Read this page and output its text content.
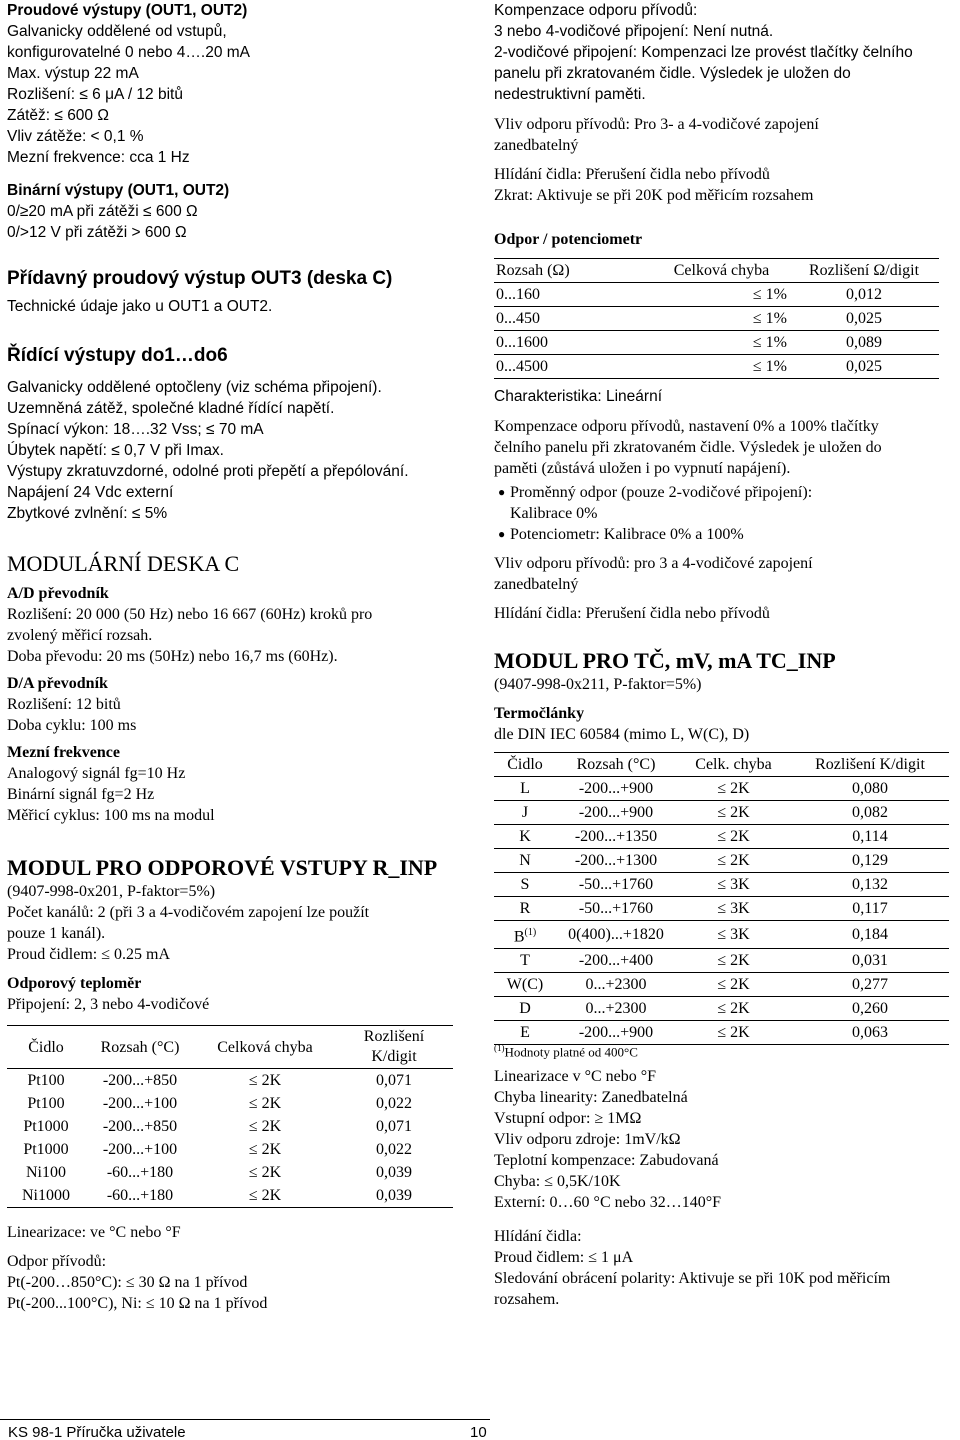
Proudové výstupy (OUT1, OUT2)
Galvanicky oddělené od vstupů,
konfigurovatelné 0 nebo 4….20 mA
Max. výstup 22 mA
Rozlišení: ≤ 6 μA / 12 bitů
Zátěž: ≤ 600 Ω
Vliv zátěže: < 0,1 %
Mezní frekvence: cca 1 Hz
Binární výstupy (OUT1, OUT2)
0/≥20 mA při zátěži ≤ 600 Ω
0/>12 V při zátěži > 600 Ω
Přídavný proudový výstup OUT3 (deska C)
Technické údaje jako u OUT1 a OUT2.
Řídící výstupy do1…do6
Galvanicky oddělené optočleny (viz schéma připojení).
Uzemněná zátěž, společné kladné řídící napětí.
Spínací výkon: 18….32 Vss; ≤ 70 mA
Úbytek napětí: ≤ 0,7 V při Imax.
Výstupy zkratuvzdorné, odolné proti přepětí a přepólování.
Napájení 24 Vdc externí
Zbytkové zvlnění: ≤ 5%
MODULÁRNÍ DESKA C
A/D převodník
Rozlišení: 20 000 (50 Hz) nebo 16 667 (60Hz) kroků pro
zvolený měřicí rozsah.
Doba převodu: 20 ms (50Hz) nebo 16,7 ms (60Hz).
D/A převodník
Rozlišení: 12 bitů
Doba cyklu: 100 ms
Mezní frekvence
Analogový signál fg=10 Hz
Binární signál fg=2 Hz
Měřicí cyklus: 100 ms na modul
MODUL PRO ODPOROVÉ VSTUPY R_INP
(9407-998-0x201, P-faktor=5%)
Počet kanálů: 2 (při 3 a 4-vodičovém zapojení lze použít
pouze 1 kanál).
Proud čidlem: ≤ 0.25 mA
Odporový teploměr
Připojení: 2, 3 nebo 4-vodičové
Čidlo	Rozsah (°C)	Celková chyba	Rozlišení
K/digit

Pt100	-200...+850	≤ 2K	0,071
Pt100	-200...+100	≤ 2K	0,022
Pt1000	-200...+850	≤ 2K	0,071
Pt1000	-200...+100	≤ 2K	0,022
Ni100	-60...+180	≤ 2K	0,039
Ni1000	-60...+180	≤ 2K	0,039
Linearizace: ve °C nebo °F
Odpor přívodů:
Pt(-200…850°C): ≤ 30 Ω na 1 přívod
Pt(-200...100°C), Ni: ≤ 10 Ω na 1 přívod
Kompenzace odporu přívodů:
3 nebo 4-vodičové připojení: Není nutná.
2-vodičové připojení: Kompenzaci lze provést tlačítky čelního
panelu při zkratovaném čidle. Výsledek je uložen do
nedestruktivní paměti.
Vliv odporu přívodů: Pro 3- a 4-vodičové zapojení
zanedbatelný
Hlídání čidla: Přerušení čidla nebo přívodů
Zkrat: Aktivuje se při 20K pod měřicím rozsahem
Odpor / potenciometr
Rozsah (Ω)	Celková chyba	Rozlišení Ω/digit
0...160	≤ 1%	0,012
0...450	≤ 1%	0,025
0...1600	≤ 1%	0,089
0...4500	≤ 1%	0,025
Charakteristika: Lineární
Kompenzace odporu přívodů, nastavení 0% a 100% tlačítky
čelního panelu při zkratovaném čidle. Výsledek je uložen do
paměti (zůstává uložen i po vypnutí napájení).
● Proměnný odpor (pouze 2-vodičové připojení):
Kalibrace 0%
● Potenciometr: Kalibrace 0% a 100%
Vliv odporu přívodů: pro 3 a 4-vodičové zapojení
zanedbatelný
Hlídání čidla: Přerušení čidla nebo přívodů
MODUL PRO TČ, mV, mA TC_INP
(9407-998-0x211, P-faktor=5%)
Termočlánky
dle DIN IEC 60584 (mimo L, W(C), D)
Čidlo	Rozsah (°C)	Celk. chyba	Rozlišení K/digit
L	-200...+900	≤ 2K	0,080
J	-200...+900	≤ 2K	0,082
K	-200...+1350	≤ 2K	0,114
N	-200...+1300	≤ 2K	0,129
S	-50...+1760	≤ 3K	0,132
R	-50...+1760	≤ 3K	0,117
$B^{(1)}$	0(400)...+1820	≤ 3K	0,184
T	-200...+400	≤ 2K	0,031
W(C)	0...+2300	≤ 2K	0,277
D	0...+2300	≤ 2K	0,260
E	-200...+900	≤ 2K	0,063
$^{(1)}$Hodnoty platné od 400°C
Linearizace v °C nebo °F
Chyba linearity: Zanedbatelná
Vstupní odpor: ≥ 1MΩ
Vliv odporu zdroje: 1mV/kΩ
Teplotní kompenzace: Zabudovaná
Chyba: ≤ 0,5K/10K
Externí: 0…60 °C nebo 32…140°F
Hlídání čidla:
Proud čidlem: ≤ 1 μA
Sledování obrácení polarity: Aktivuje se při 10K pod měřicím
rozsahem.
KS 98-1 Příručka uživatele	10
